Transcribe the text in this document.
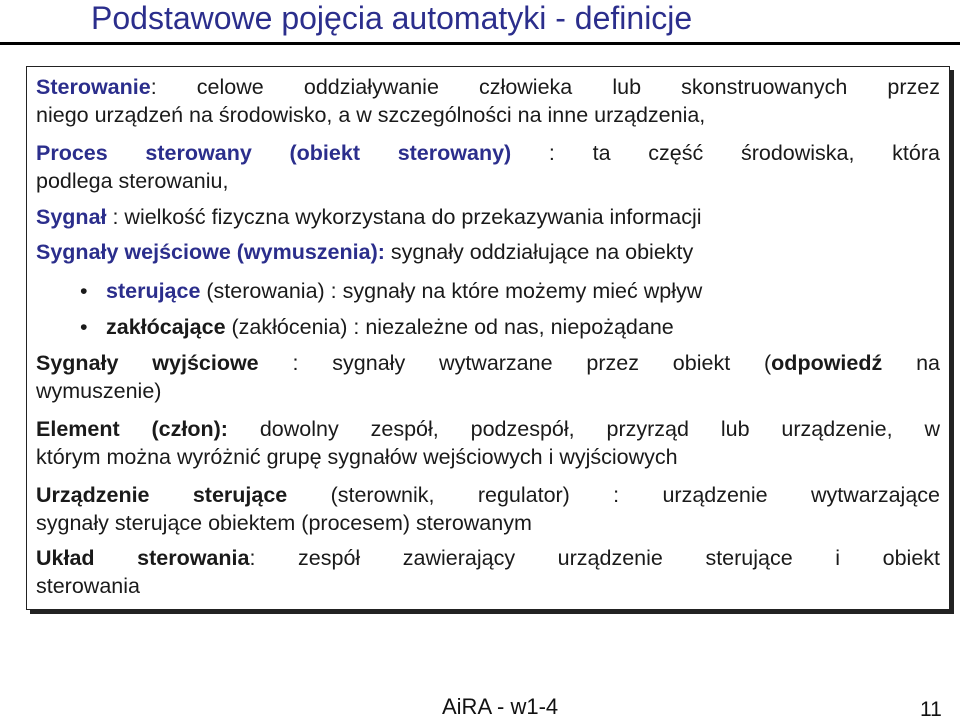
Podstawowe pojęcia automatyki - definicje

Sterowanie: celowe oddziaływanie człowieka lub skonstruowanych przez

niego urządzeń na środowisko, a w szczególności na inne urządzenia,

Proces sterowany (obiekt sterowany) : ta część środowiska, która

podlega sterowaniu,

Sygnał : wielkość fizyczna wykorzystana do przekazywania informacji

Sygnały wejściowe (wymuszenia): sygnały oddziałujące na obiekty

• sterujące (sterowania) : sygnały na które możemy mieć wpływ

• zakłócające (zakłócenia) : niezależne od nas, niepożądane

Sygnały wyjściowe : sygnały wytwarzane przez obiekt (odpowiedź na

wymuszenie)

Element (człon): dowolny zespół, podzespół, przyrząd lub urządzenie, w

którym można wyróżnić grupę sygnałów wejściowych i wyjściowych

Urządzenie sterujące (sterownik, regulator) : urządzenie wytwarzające

sygnały sterujące obiektem (procesem) sterowanym

Układ sterowania: zespół zawierający urządzenie sterujące i obiekt

sterowania

AiRA - w1-4	11
